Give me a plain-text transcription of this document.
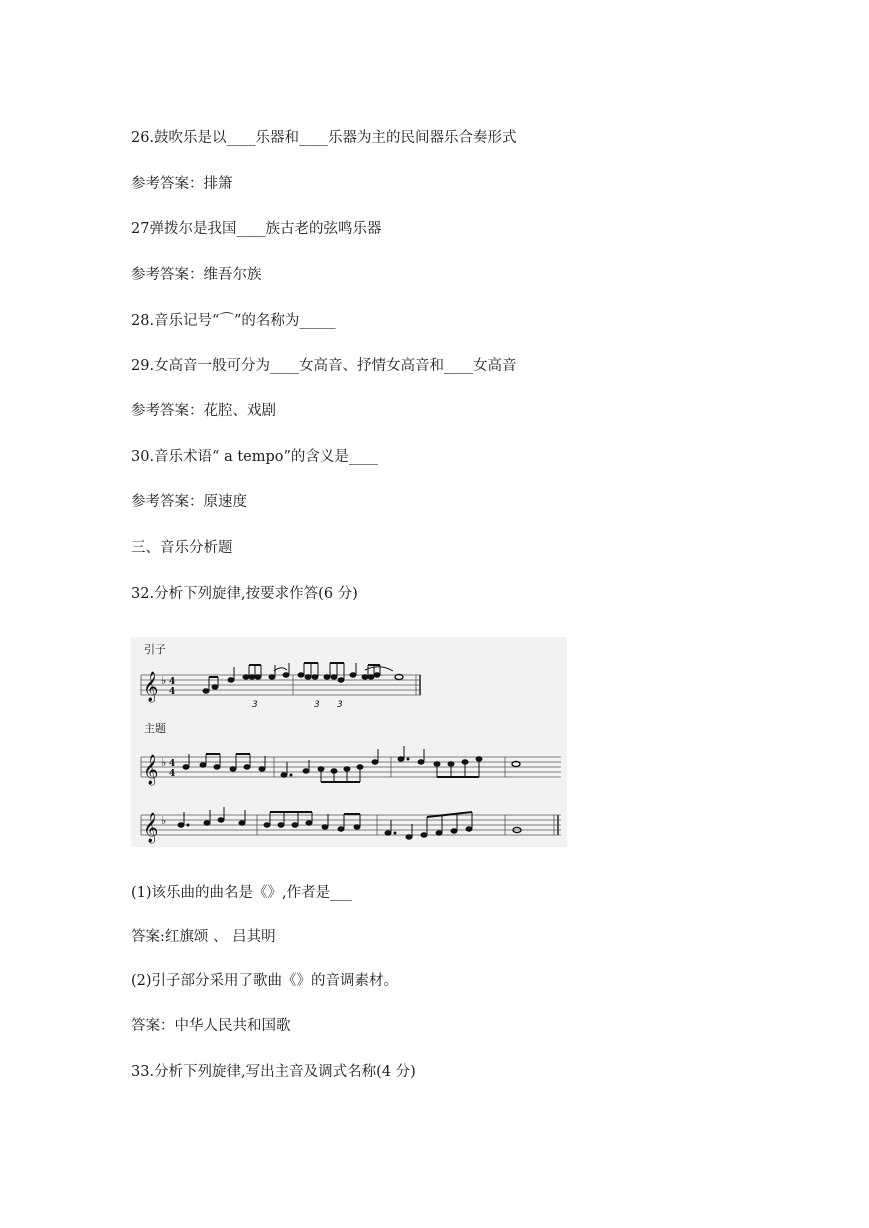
26.鼓吹乐是以____乐器和____乐器为主的民间器乐合奏形式
参考答案：排箫
27弹拨尔是我国____族古老的弦鸣乐器
参考答案：维吾尔族
28.音乐记号“⌒”的名称为_____
29.女高音一般可分为____女高音、抒情女高音和____女高音
参考答案：花腔、戏剧
30.音乐术语“ a tempo”的含义是____
参考答案：原速度
三、音乐分析题
32.分析下列旋律,按要求作答(6 分)
引子
主题
𝄞 ♭ 4
4
3	3 3
𝄞 ♭ 4
4
𝄞 ♭
(1)该乐曲的曲名是《》,作者是___
答案:红旗颂 、 吕其明
(2)引子部分采用了歌曲《》的音调素材。
答案：中华人民共和国歌
33.分析下列旋律,写出主音及调式名称(4 分)
